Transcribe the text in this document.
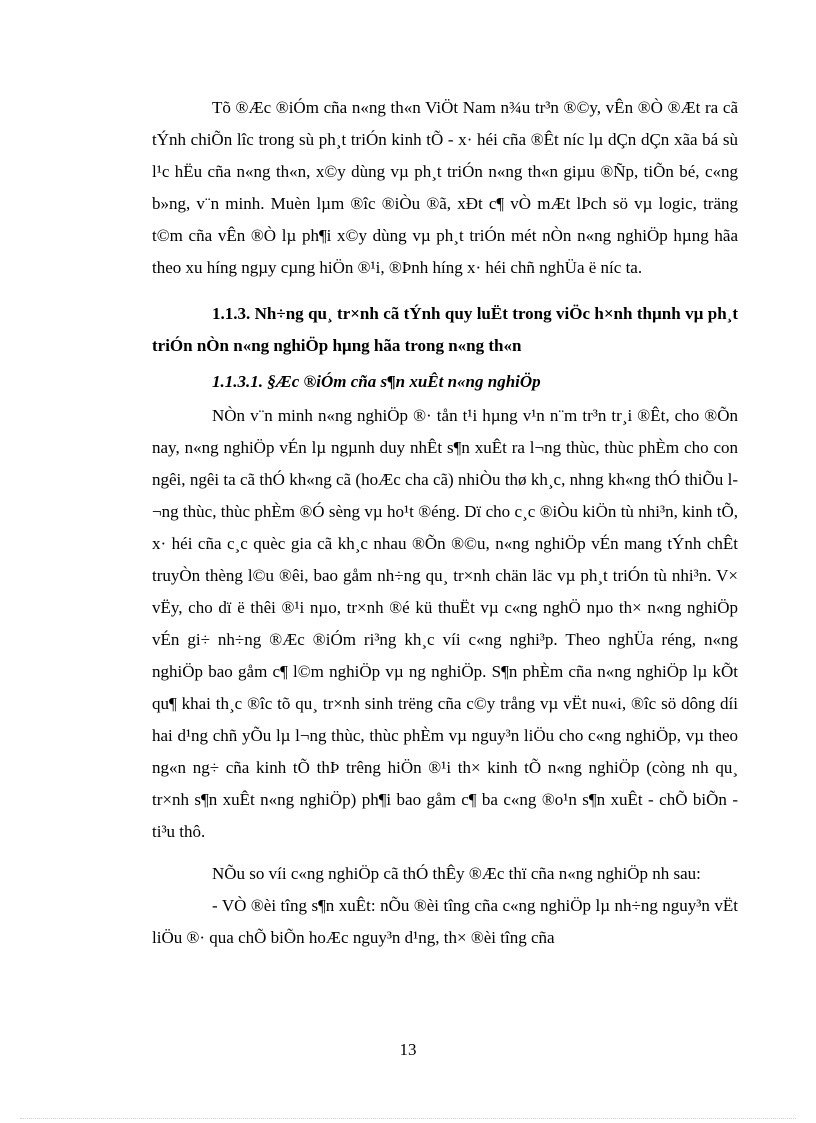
Tõ ®Æc ®iÓm cña n«ng th«n ViÖt Nam n¾u tr³n ®©y, vÊn ®Ò ®Æt ra cã tÝnh chiÕn lîc trong sù ph¸t triÓn kinh tÕ - x· héi cña ®Êt níc lµ dÇn dÇn xãa bá sù l¹c hËu cña n«ng th«n, x©y dùng vµ ph¸t triÓn n«ng th«n giµu ®Ñp, tiÕn bé, c«ng b»ng, v¨n minh. Muèn lµm ®îc ®iÒu ®ã, xÐt c¶ vÒ mÆt lÞch sö vµ logic, träng t©m cña vÊn ®Ò lµ ph¶i x©y dùng vµ ph¸t triÓn mét nÒn n«ng nghiÖp hµng hãa theo xu híng ngµy cµng hiÖn ®¹i, ®Þnh híng x· héi chñ nghÜa ë níc ta.

1.1.3. Nh÷ng qu¸ tr×nh cã tÝnh quy luËt trong viÖc h×nh thµnh vµ ph¸t triÓn nÒn n«ng nghiÖp hµng hãa trong n«ng th«n

1.1.3.1. §Æc ®iÓm cña s¶n xuÊt n«ng nghiÖp

NÒn v¨n minh n«ng nghiÖp ®· tån t¹i hµng v¹n n¨m tr³n tr¸i ®Êt, cho ®Õn nay, n«ng nghiÖp vÉn lµ ngµnh duy nhÊt s¶n xuÊt ra l¬ng thùc, thùc phÈm cho con ngêi, ngêi ta cã thÓ kh«ng cã (hoÆc cha cã) nhiÒu thø kh¸c, nhng kh«ng thÓ thiÕu l¬ng thùc, thùc phÈm ®Ó sèng vµ ho¹t ®éng. Dï cho c¸c ®iÒu kiÖn tù nhi³n, kinh tÕ, x· héi cña c¸c quèc gia cã kh¸c nhau ®Õn ®©u, n«ng nghiÖp vÉn mang tÝnh chÊt truyÒn thèng l©u ®êi, bao gåm nh÷ng qu¸ tr×nh chän läc vµ ph¸t triÓn tù nhi³n. V× vËy, cho dï ë thêi ®¹i nµo, tr×nh ®é kü thuËt vµ c«ng nghÖ nµo th× n«ng nghiÖp vÉn gi÷ nh÷ng ®Æc ®iÓm ri³ng kh¸c víi c«ng nghi³p. Theo nghÜa réng, n«ng nghiÖp bao gåm c¶ l©m nghiÖp vµ ng nghiÖp. S¶n phÈm cña n«ng nghiÖp lµ kÕt qu¶ khai th¸c ®îc tõ qu¸ tr×nh sinh trëng cña c©y trång vµ vËt nu«i, ®îc sö dông díi hai d¹ng chñ yÕu lµ l¬ng thùc, thùc phÈm vµ nguy³n liÖu cho c«ng nghiÖp, vµ theo ng«n ng÷ cña kinh tÕ thÞ trêng hiÖn ®¹i th× kinh tÕ n«ng nghiÖp (còng nh qu¸ tr×nh s¶n xuÊt n«ng nghiÖp) ph¶i bao gåm c¶ ba c«ng ®o¹n s¶n xuÊt - chÕ biÕn - ti³u thô.

NÕu so víi c«ng nghiÖp cã thÓ thÊy ®Æc thï cña n«ng nghiÖp nh sau:

- VÒ ®èi tîng s¶n xuÊt: nÕu ®èi tîng cña c«ng nghiÖp lµ nh÷ng nguy³n vËt liÖu ®· qua chÕ biÕn hoÆc nguy³n d¹ng, th× ®èi tîng cña

13
